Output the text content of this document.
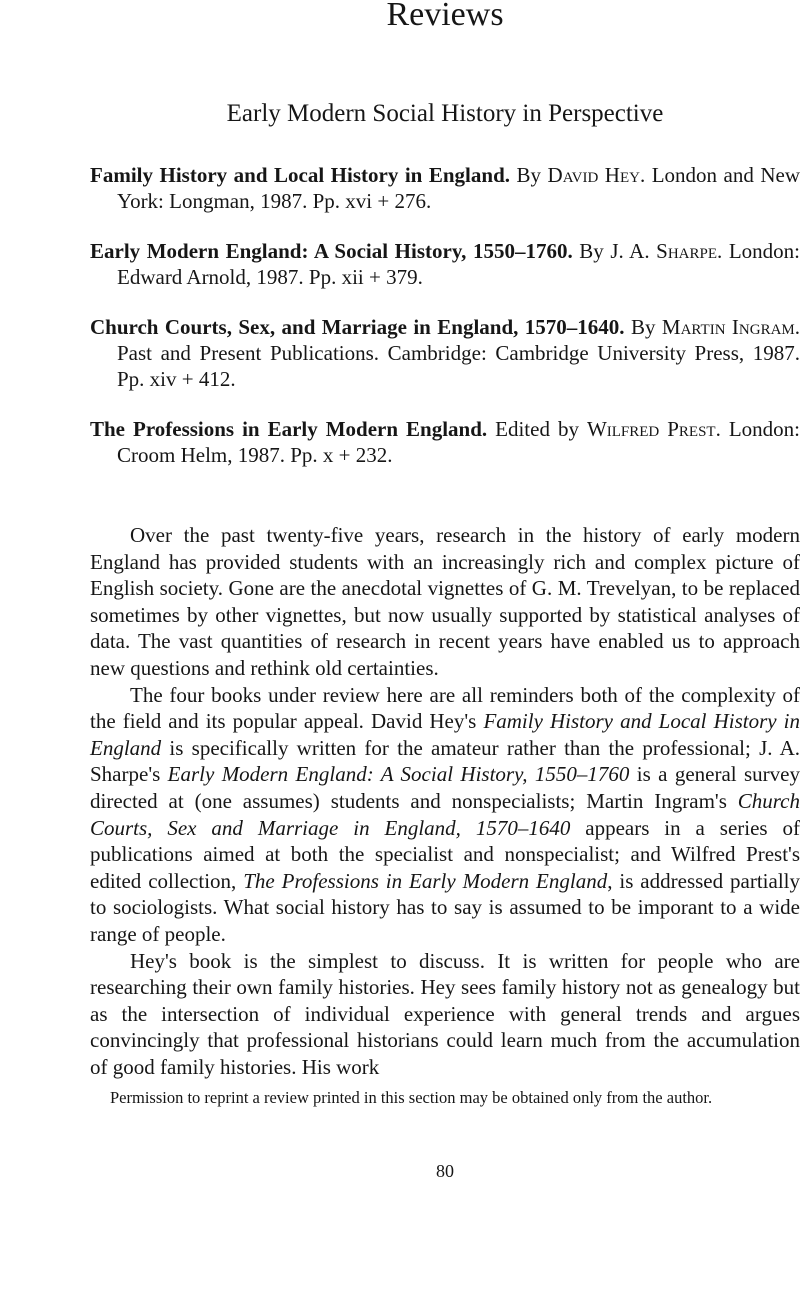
Reviews
Early Modern Social History in Perspective
Family History and Local History in England. By David Hey. London and New York: Longman, 1987. Pp. xvi + 276.
Early Modern England: A Social History, 1550–1760. By J. A. Sharpe. London: Edward Arnold, 1987. Pp. xii + 379.
Church Courts, Sex, and Marriage in England, 1570–1640. By Martin Ingram. Past and Present Publications. Cambridge: Cambridge University Press, 1987. Pp. xiv + 412.
The Professions in Early Modern England. Edited by Wilfred Prest. London: Croom Helm, 1987. Pp. x + 232.

Over the past twenty-five years, research in the history of early modern England has provided students with an increasingly rich and complex picture of English society. Gone are the anecdotal vignettes of G. M. Trevelyan, to be replaced sometimes by other vignettes, but now usually supported by statistical analyses of data. The vast quantities of research in recent years have enabled us to approach new questions and rethink old certainties.

The four books under review here are all reminders both of the complexity of the field and its popular appeal. David Hey's Family History and Local History in England is specifically written for the amateur rather than the professional; J. A. Sharpe's Early Modern England: A Social History, 1550–1760 is a general survey directed at (one assumes) students and nonspecialists; Martin Ingram's Church Courts, Sex and Marriage in England, 1570–1640 appears in a series of publications aimed at both the specialist and nonspecialist; and Wilfred Prest's edited collection, The Professions in Early Modern England, is addressed partially to sociologists. What social history has to say is assumed to be imporant to a wide range of people.

Hey's book is the simplest to discuss. It is written for people who are researching their own family histories. Hey sees family history not as genealogy but as the intersection of individual experience with general trends and argues convincingly that professional historians could learn much from the accumulation of good family histories. His work

Permission to reprint a review printed in this section may be obtained only from the author.
80
